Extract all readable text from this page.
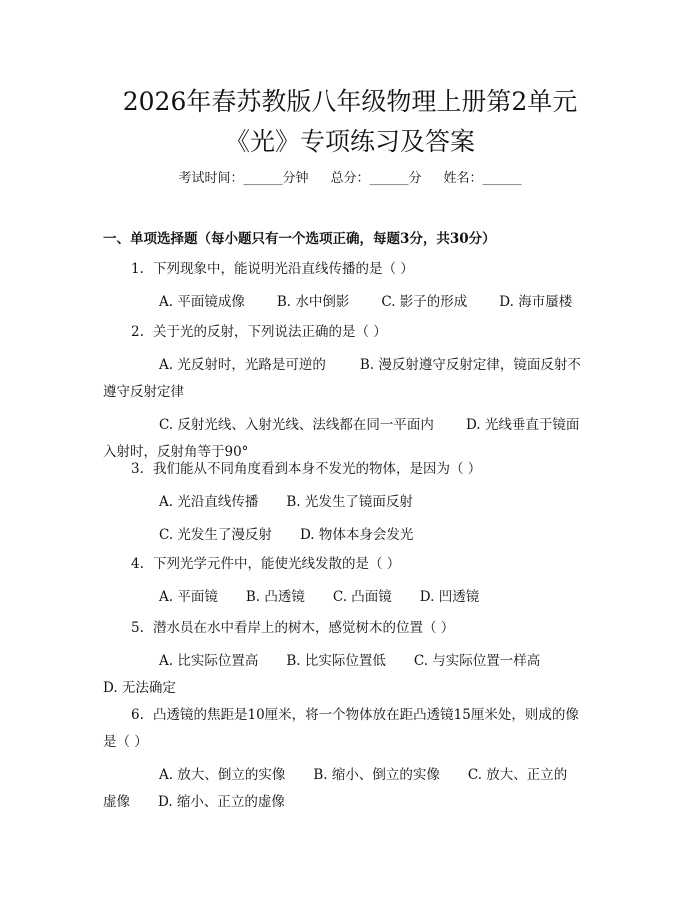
2026年春苏教版八年级物理上册第2单元
《光》专项练习及答案
考试时间：______分钟 总分：______分 姓名：______
一、单项选择题（每小题只有一个选项正确，每题3分，共30分）
1. 下列现象中，能说明光沿直线传播的是（ ）
A. 平面镜成像 B. 水中倒影 C. 影子的形成 D. 海市蜃楼
2. 关于光的反射，下列说法正确的是（ ）
A. 光反射时，光路是可逆的	B. 漫反射遵守反射定律，镜面反射不
遵守反射定律
C. 反射光线、入射光线、法线都在同一平面内 D. 光线垂直于镜面
入射时，反射角等于90°
3. 我们能从不同角度看到本身不发光的物体，是因为（ ）
A. 光沿直线传播 B. 光发生了镜面反射
C. 光发生了漫反射 D. 物体本身会发光
4. 下列光学元件中，能使光线发散的是（ ）
A. 平面镜 B. 凸透镜 C. 凸面镜 D. 凹透镜
5. 潜水员在水中看岸上的树木，感觉树木的位置（ ）
A. 比实际位置高 B. 比实际位置低 C. 与实际位置一样高
D. 无法确定
6. 凸透镜的焦距是10厘米，将一个物体放在距凸透镜15厘米处，则成的像
是（ ）
A. 放大、倒立的实像 B. 缩小、倒立的实像 C. 放大、正立的
虚像 D. 缩小、正立的虚像
